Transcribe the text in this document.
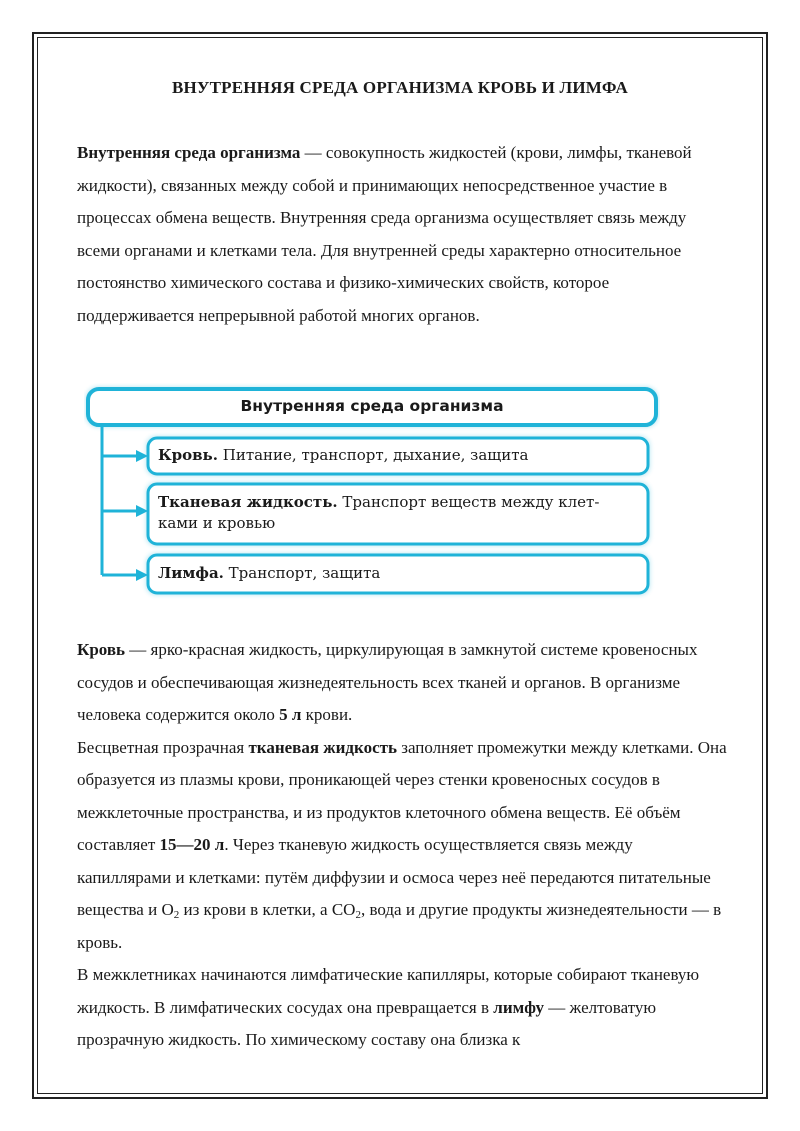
ВНУТРЕННЯЯ СРЕДА ОРГАНИЗМА КРОВЬ И ЛИМФА

Внутренняя среда организма — совокупность жидкостей (крови, лимфы, тканевой жидкости), связанных между собой и принимающих непосредственное участие в процессах обмена веществ. Внутренняя среда организма осуществляет связь между всеми органами и клетками тела. Для внутренней среды характерно относительное постоянство химического состава и физико-химических свойств, которое поддерживается непрерывной работой многих органов.

Внутренняя среда организма
Кровь. Питание, транспорт, дыхание, защита
Тканевая жидкость. Транспорт веществ между клет-
ками и кровью
Лимфа. Транспорт, защита

Кровь — ярко-красная жидкость, циркулирующая в замкнутой системе кровеносных сосудов и обеспечивающая жизнедеятельность всех тканей и органов. В организме человека содержится около 5 л крови.
Бесцветная прозрачная тканевая жидкость заполняет промежутки между клетками. Она образуется из плазмы крови, проникающей через стенки кровеносных сосудов в межклеточные пространства, и из продуктов клеточного обмена веществ. Её объём составляет 15—20 л. Через тканевую жидкость осуществляется связь между капиллярами и клетками: путём диффузии и осмоса через неё передаются питательные вещества и $О_2$ из крови в клетки, а $СО_2$, вода и другие продукты жизнедеятельности — в кровь.
В межклетниках начинаются лимфатические капилляры, которые собирают тканевую жидкость. В лимфатических сосудах она превращается в лимфу — желтоватую прозрачную жидкость. По химическому составу она близка к
